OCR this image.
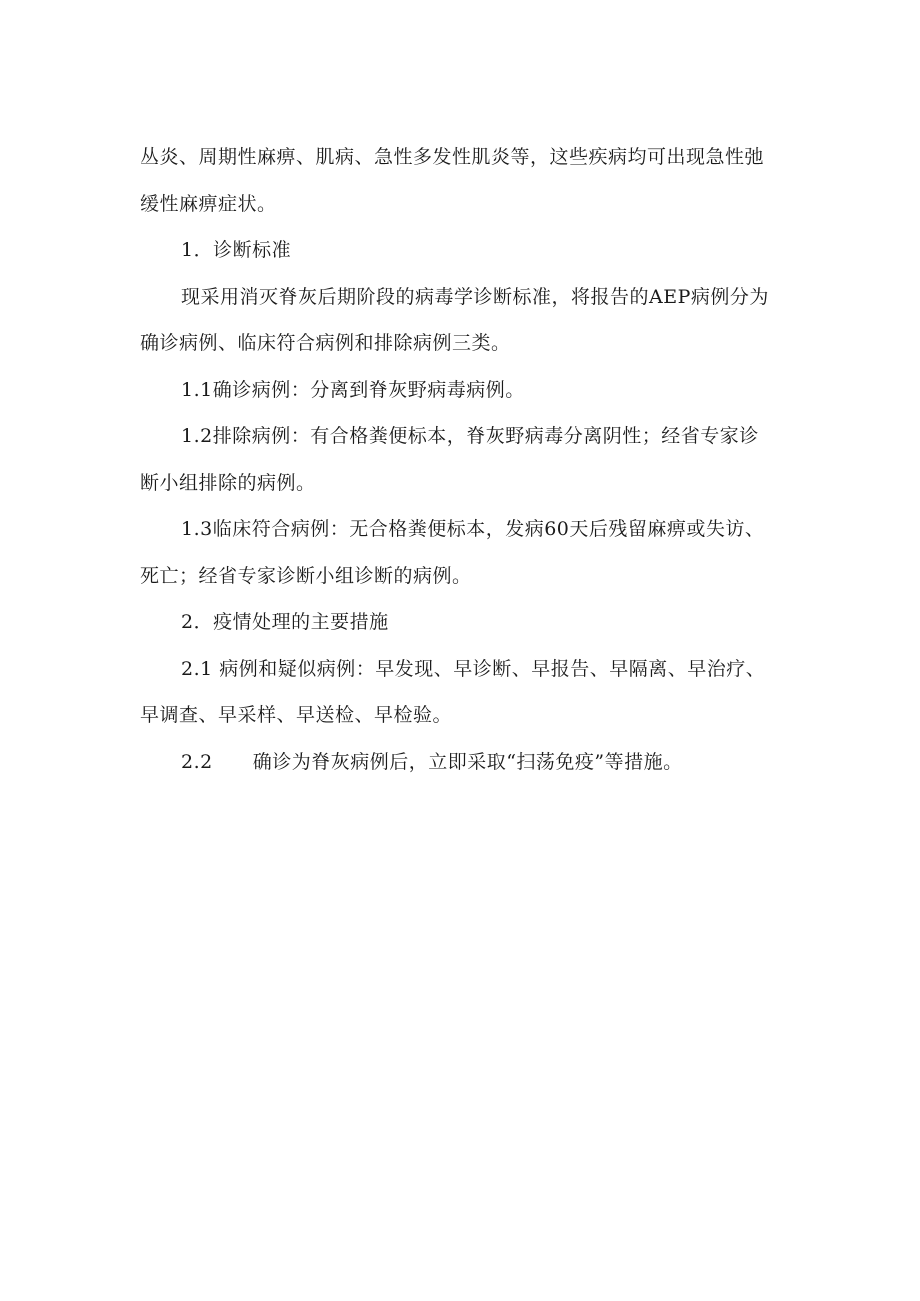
丛炎、周期性麻痹、肌病、急性多发性肌炎等，这些疾病均可出现急性弛
缓性麻痹症状。
1．诊断标准
现采用消灭脊灰后期阶段的病毒学诊断标准，将报告的AEP病例分为
确诊病例、临床符合病例和排除病例三类。
1.1确诊病例：分离到脊灰野病毒病例。
1.2排除病例：有合格粪便标本，脊灰野病毒分离阴性；经省专家诊
断小组排除的病例。
1.3临床符合病例：无合格粪便标本，发病60天后残留麻痹或失访、
死亡；经省专家诊断小组诊断的病例。
2．疫情处理的主要措施
2.1 病例和疑似病例：早发现、早诊断、早报告、早隔离、早治疗、
早调查、早采样、早送检、早检验。
2.2 确诊为脊灰病例后，立即采取“扫荡免疫”等措施。
